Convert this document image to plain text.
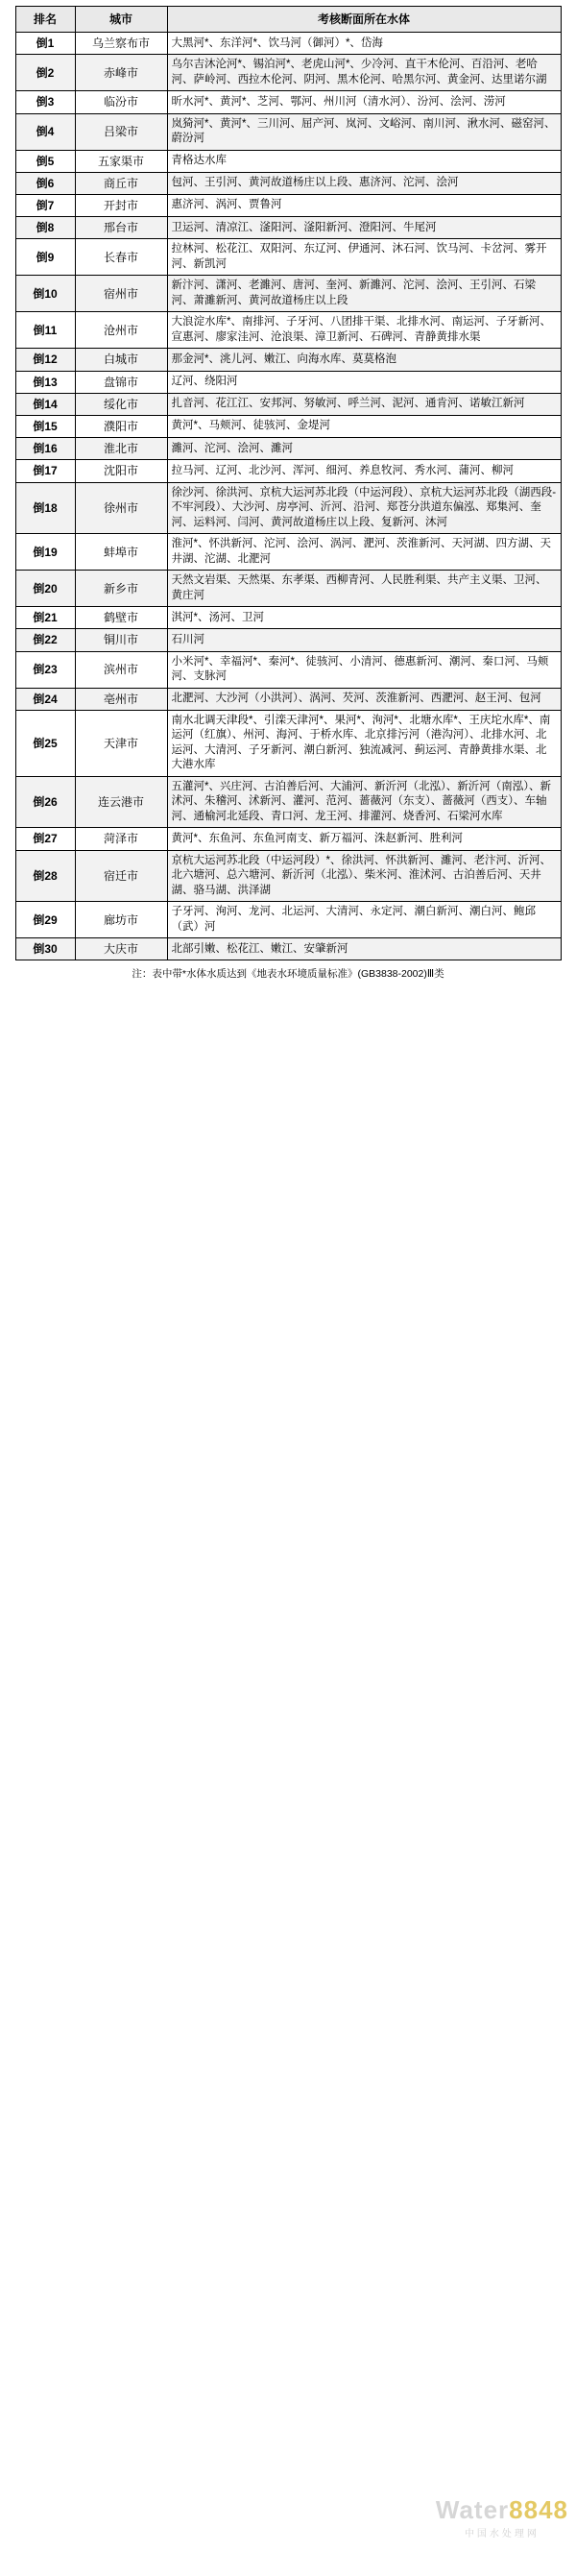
排名	城市	考核断面所在水体
倒1	乌兰察布市	大黑河*、东洋河*、饮马河（御河）*、岱海
倒2	赤峰市	乌尔吉沐沦河*、锡泊河*、老虎山河*、少冷河、直干木伦河、百沿河、老哈河、萨岭河、西拉木伦河、阴河、黑木伦河、哈黑尔河、黄金河、达里诺尔湖
倒3	临汾市	昕水河*、黄河*、芝河、鄂河、州川河（清水河）、汾河、浍河、涝河
倒4	吕梁市	岚猗河*、黄河*、三川河、屈产河、岚河、文峪河、南川河、湫水河、磁窑河、蔚汾河
倒5	五家渠市	青格达水库
倒6	商丘市	包河、王引河、黄河故道杨庄以上段、惠济河、沱河、浍河
倒7	开封市	惠济河、涡河、贾鲁河
倒8	邢台市	卫运河、清凉江、滏阳河、滏阳新河、澄阳河、牛尾河
倒9	长春市	拉林河、松花江、双阳河、东辽河、伊通河、沐石河、饮马河、卡岔河、雾开河、新凯河
倒10	宿州市	新汴河、潇河、老濉河、唐河、奎河、新濉河、沱河、浍河、王引河、石梁河、萧濉新河、黄河故道杨庄以上段
倒11	沧州市	大浪淀水库*、南排河、子牙河、八团排干渠、北排水河、南运河、子牙新河、宣惠河、廖家洼河、沧浪渠、漳卫新河、石碑河、青静黄排水渠
倒12	白城市	那金河*、洮儿河、嫩江、向海水库、莫莫格泡
倒13	盘锦市	辽河、绕阳河
倒14	绥化市	扎音河、花江江、安邦河、努敏河、呼兰河、泥河、通肯河、诺敏江新河
倒15	濮阳市	黄河*、马颊河、徒骇河、金堤河
倒16	淮北市	濉河、沱河、浍河、濉河
倒17	沈阳市	拉马河、辽河、北沙河、浑河、细河、养息牧河、秀水河、蒲河、柳河
倒18	徐州市	徐沙河、徐洪河、京杭大运河苏北段（中运河段）、京杭大运河苏北段（湖西段-不牢河段）、大沙河、房亭河、沂河、沿河、郑苍分洪道东偏泓、郑集河、奎河、运料河、闫河、黄河故道杨庄以上段、复新河、沐河
倒19	蚌埠市	淮河*、怀洪新河、沱河、浍河、涡河、淝河、茨淮新河、天河湖、四方湖、天井湖、沱湖、北淝河
倒20	新乡市	天然文岩渠、天然渠、东孝渠、西柳青河、人民胜利渠、共产主义渠、卫河、黄庄河
倒21	鹤壁市	淇河*、汤河、卫河
倒22	铜川市	石川河
倒23	滨州市	小米河*、幸福河*、秦河*、徒骇河、小清河、德惠新河、潮河、秦口河、马颊河、支脉河
倒24	亳州市	北淝河、大沙河（小洪河）、涡河、芡河、茨淮新河、西淝河、赵王河、包河
倒25	天津市	南水北调天津段*、引滦天津河*、果河*、洵河*、北塘水库*、王庆坨水库*、南运河（红旗）、州河、海河、于桥水库、北京排污河（港沟河）、北排水河、北运河、大清河、子牙新河、潮白新河、独流减河、蓟运河、青静黄排水渠、北大港水库
倒26	连云港市	五灌河*、兴庄河、古泊善后河、大浦河、新沂河（北泓）、新沂河（南泓）、新沭河、朱稽河、沭新河、灌河、范河、蔷薇河（东支）、蔷薇河（西支）、车轴河、通榆河北延段、青口河、龙王河、排灌河、烧香河、石梁河水库
倒27	菏泽市	黄河*、东鱼河、东鱼河南支、新万福河、洙赵新河、胜利河
倒28	宿迁市	京杭大运河苏北段（中运河段）*、徐洪河、怀洪新河、濉河、老汴河、沂河、北六塘河、总六塘河、新沂河（北泓）、柴米河、淮沭河、古泊善后河、天井湖、骆马湖、洪泽湖
倒29	廊坊市	子牙河、洵河、龙河、北运河、大清河、永定河、潮白新河、潮白河、鲍邱（武）河
倒30	大庆市	北部引嫩、松花江、嫩江、安肇新河
注：表中带*水体水质达到《地表水环境质量标准》(GB3838-2002)Ⅲ类
Water8848
中国水处理网
